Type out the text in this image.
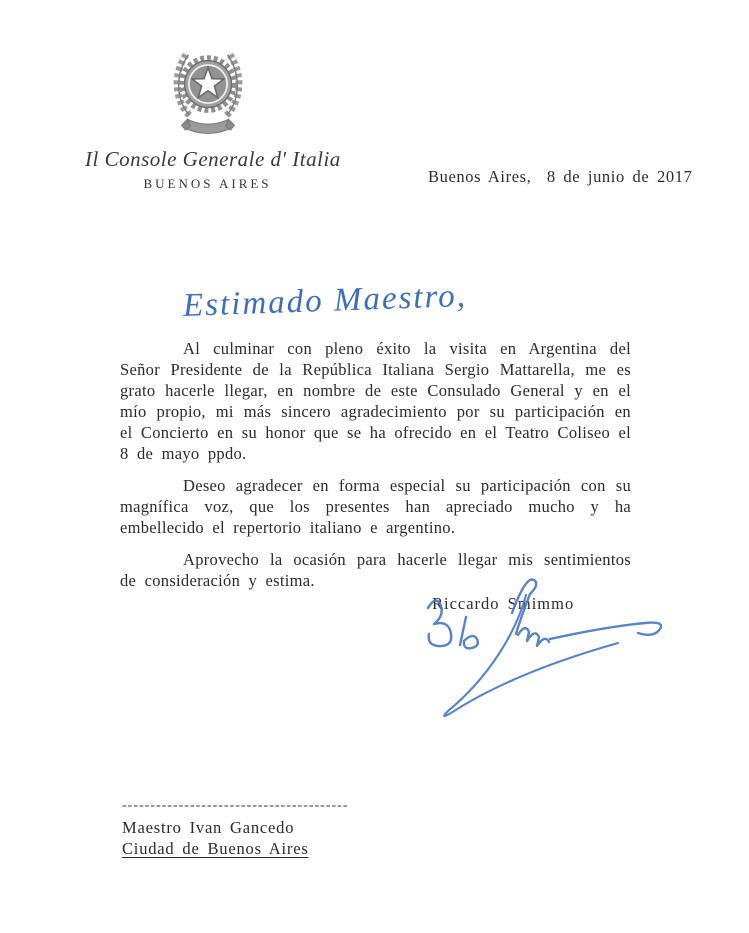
Il Console Generale d' Italia
BUENOS AIRES	Buenos Aires,  8 de junio de 2017
Estimado Maestro,

Al culminar con pleno éxito la visita en Argentina del Señor Presidente de la República Italiana Sergio Mattarella, me es grato hacerle llegar, en nombre de este Consulado General y en el mío propio, mi más sincero agradecimiento por su participación en el Concierto en su honor que se ha ofrecido en el Teatro Coliseo el 8 de mayo ppdo.

Deseo agradecer en forma especial su participación con su magnífica voz, que los presentes han apreciado mucho y ha embellecido el repertorio italiano e argentino.

Aprovecho la ocasión para hacerle llegar mis sentimientos de consideración y estima.

Riccardo Smimmo
----------------------------------------
Maestro Ivan Gancedo
Ciudad de Buenos Aires
